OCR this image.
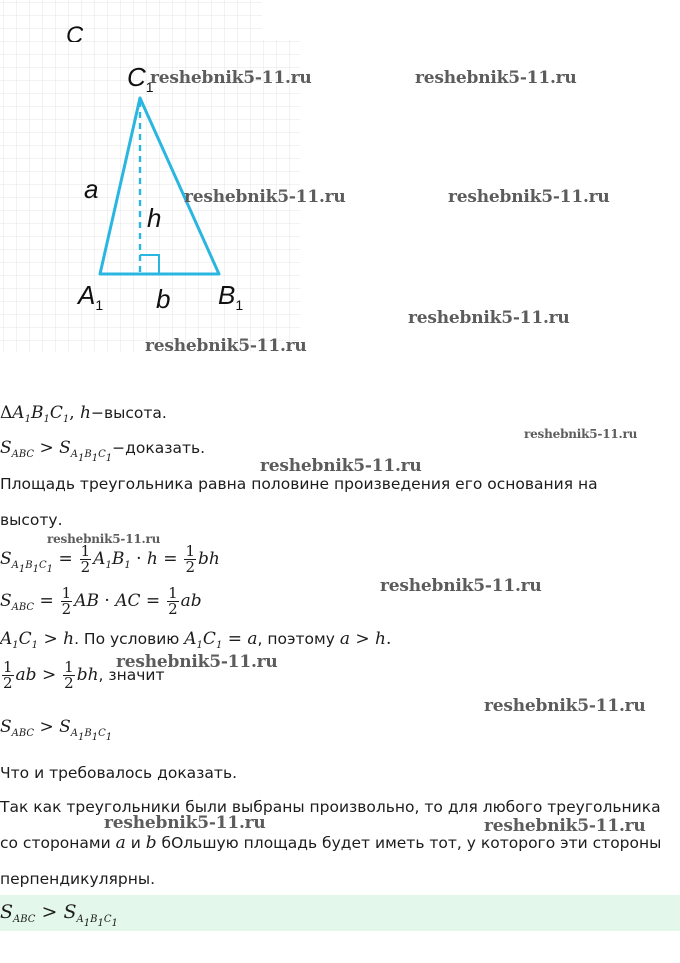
C
$C_1$
a
h
$A_1$ b $B_1$
$\Delta A_1B_1C_1$, h−высота.
$S_{ABC}$ > $S_{A_1B_1C_1}-доказать$.
Площадь треугольника равна половине произведения его основания на
высоту.
$S_{A_1B_1C_1} = \frac{1}{2} A_1B_1 \cdot h = \frac{1}{2}$ bh
$S_{ABC} = \frac{1}{2}$ AB · AC = $\frac{1}{2}$ ab
$A_1C_1 > h$. По условию $A_1C_1 = a$, поэтому a > h.
$\frac{1}{2}$ ab > $\frac{1}{2}$ bh, значит
$S_{ABC} > S_{A_1B_1C_1}$
Что и требовалось доказать.
Так как треугольники были выбраны произвольно, то для любого треугольника
со сторонами a и b бОльшую площадь будет иметь тот, у которого эти стороны
перпендикулярны.
$S_{ABC} > S_{A_1B_1C_1}$
reshebnik5-11.ru	reshebnik5-11.ru
reshebnik5-11.ru	reshebnik5-11.ru
reshebnik5-11.ru
reshebnik5-11.ru
reshebnik5-11.ru
reshebnik5-11.ru
reshebnik5-11.ru
reshebnik5-11.ru
reshebnik5-11.ru
reshebnik5-11.ru
reshebnik5-11.ru	reshebnik5-11.ru
